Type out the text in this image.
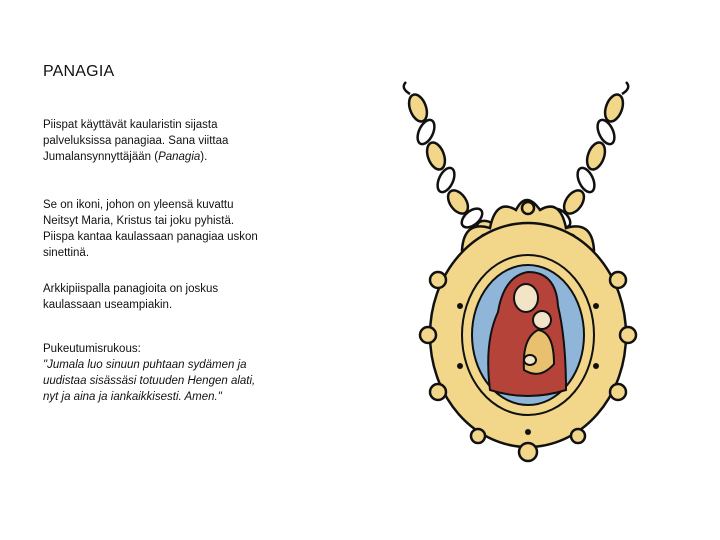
PANAGIA

Piispat käyttävät kaularistin sijasta palveluksissa panagiaa. Sana viittaa Jumalansynnyttäjään (Panagia).

Se on ikoni, johon on yleensä kuvattu Neitsyt Maria, Kristus tai joku pyhistä. Piispa kantaa kaulassaan panagiaa uskon sinettinä.

Arkkipiispalla panagioita on joskus kaulassaan useampiakin.

Pukeutumisrukous:

"Jumala luo sinuun puhtaan sydämen ja uudistaa sisässäsi totuuden Hengen alati, nyt ja aina ja iankaikkisesti. Amen."
